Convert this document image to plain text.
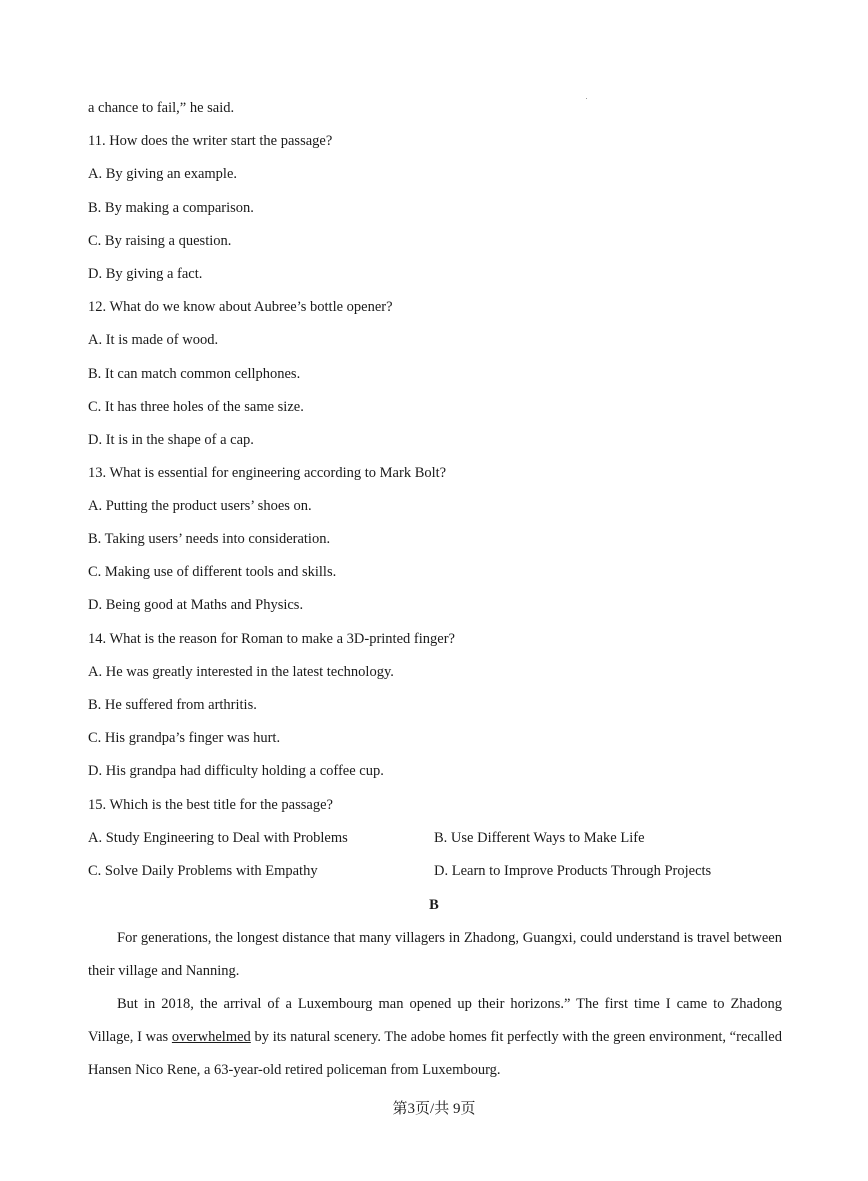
a chance to fail,” he said.
11. How does the writer start the passage?
A. By giving an example.
B. By making a comparison.
C. By raising a question.
D. By giving a fact.
12. What do we know about Aubree’s bottle opener?
A. It is made of wood.
B. It can match common cellphones.
C. It has three holes of the same size.
D. It is in the shape of a cap.
13. What is essential for engineering according to Mark Bolt?
A. Putting the product users’ shoes on.
B. Taking users’ needs into consideration.
C. Making use of different tools and skills.
D. Being good at Maths and Physics.
14. What is the reason for Roman to make a 3D-printed finger?
A. He was greatly interested in the latest technology.
B. He suffered from arthritis.
C. His grandpa’s finger was hurt.
D. His grandpa had difficulty holding a coffee cup.
15. Which is the best title for the passage?
A. Study Engineering to Deal with Problems	B. Use Different Ways to Make Life
C. Solve Daily Problems with Empathy	D. Learn to Improve Products Through Projects
B
For generations, the longest distance that many villagers in Zhadong, Guangxi, could understand is travel between their village and Nanning.
But in 2018, the arrival of a Luxembourg man opened up their horizons.” The first time I came to Zhadong Village, I was overwhelmed by its natural scenery. The adobe homes fit perfectly with the green environment, “recalled Hansen Nico Rene, a 63-year-old retired policeman from Luxembourg.
第3页/共 9页
